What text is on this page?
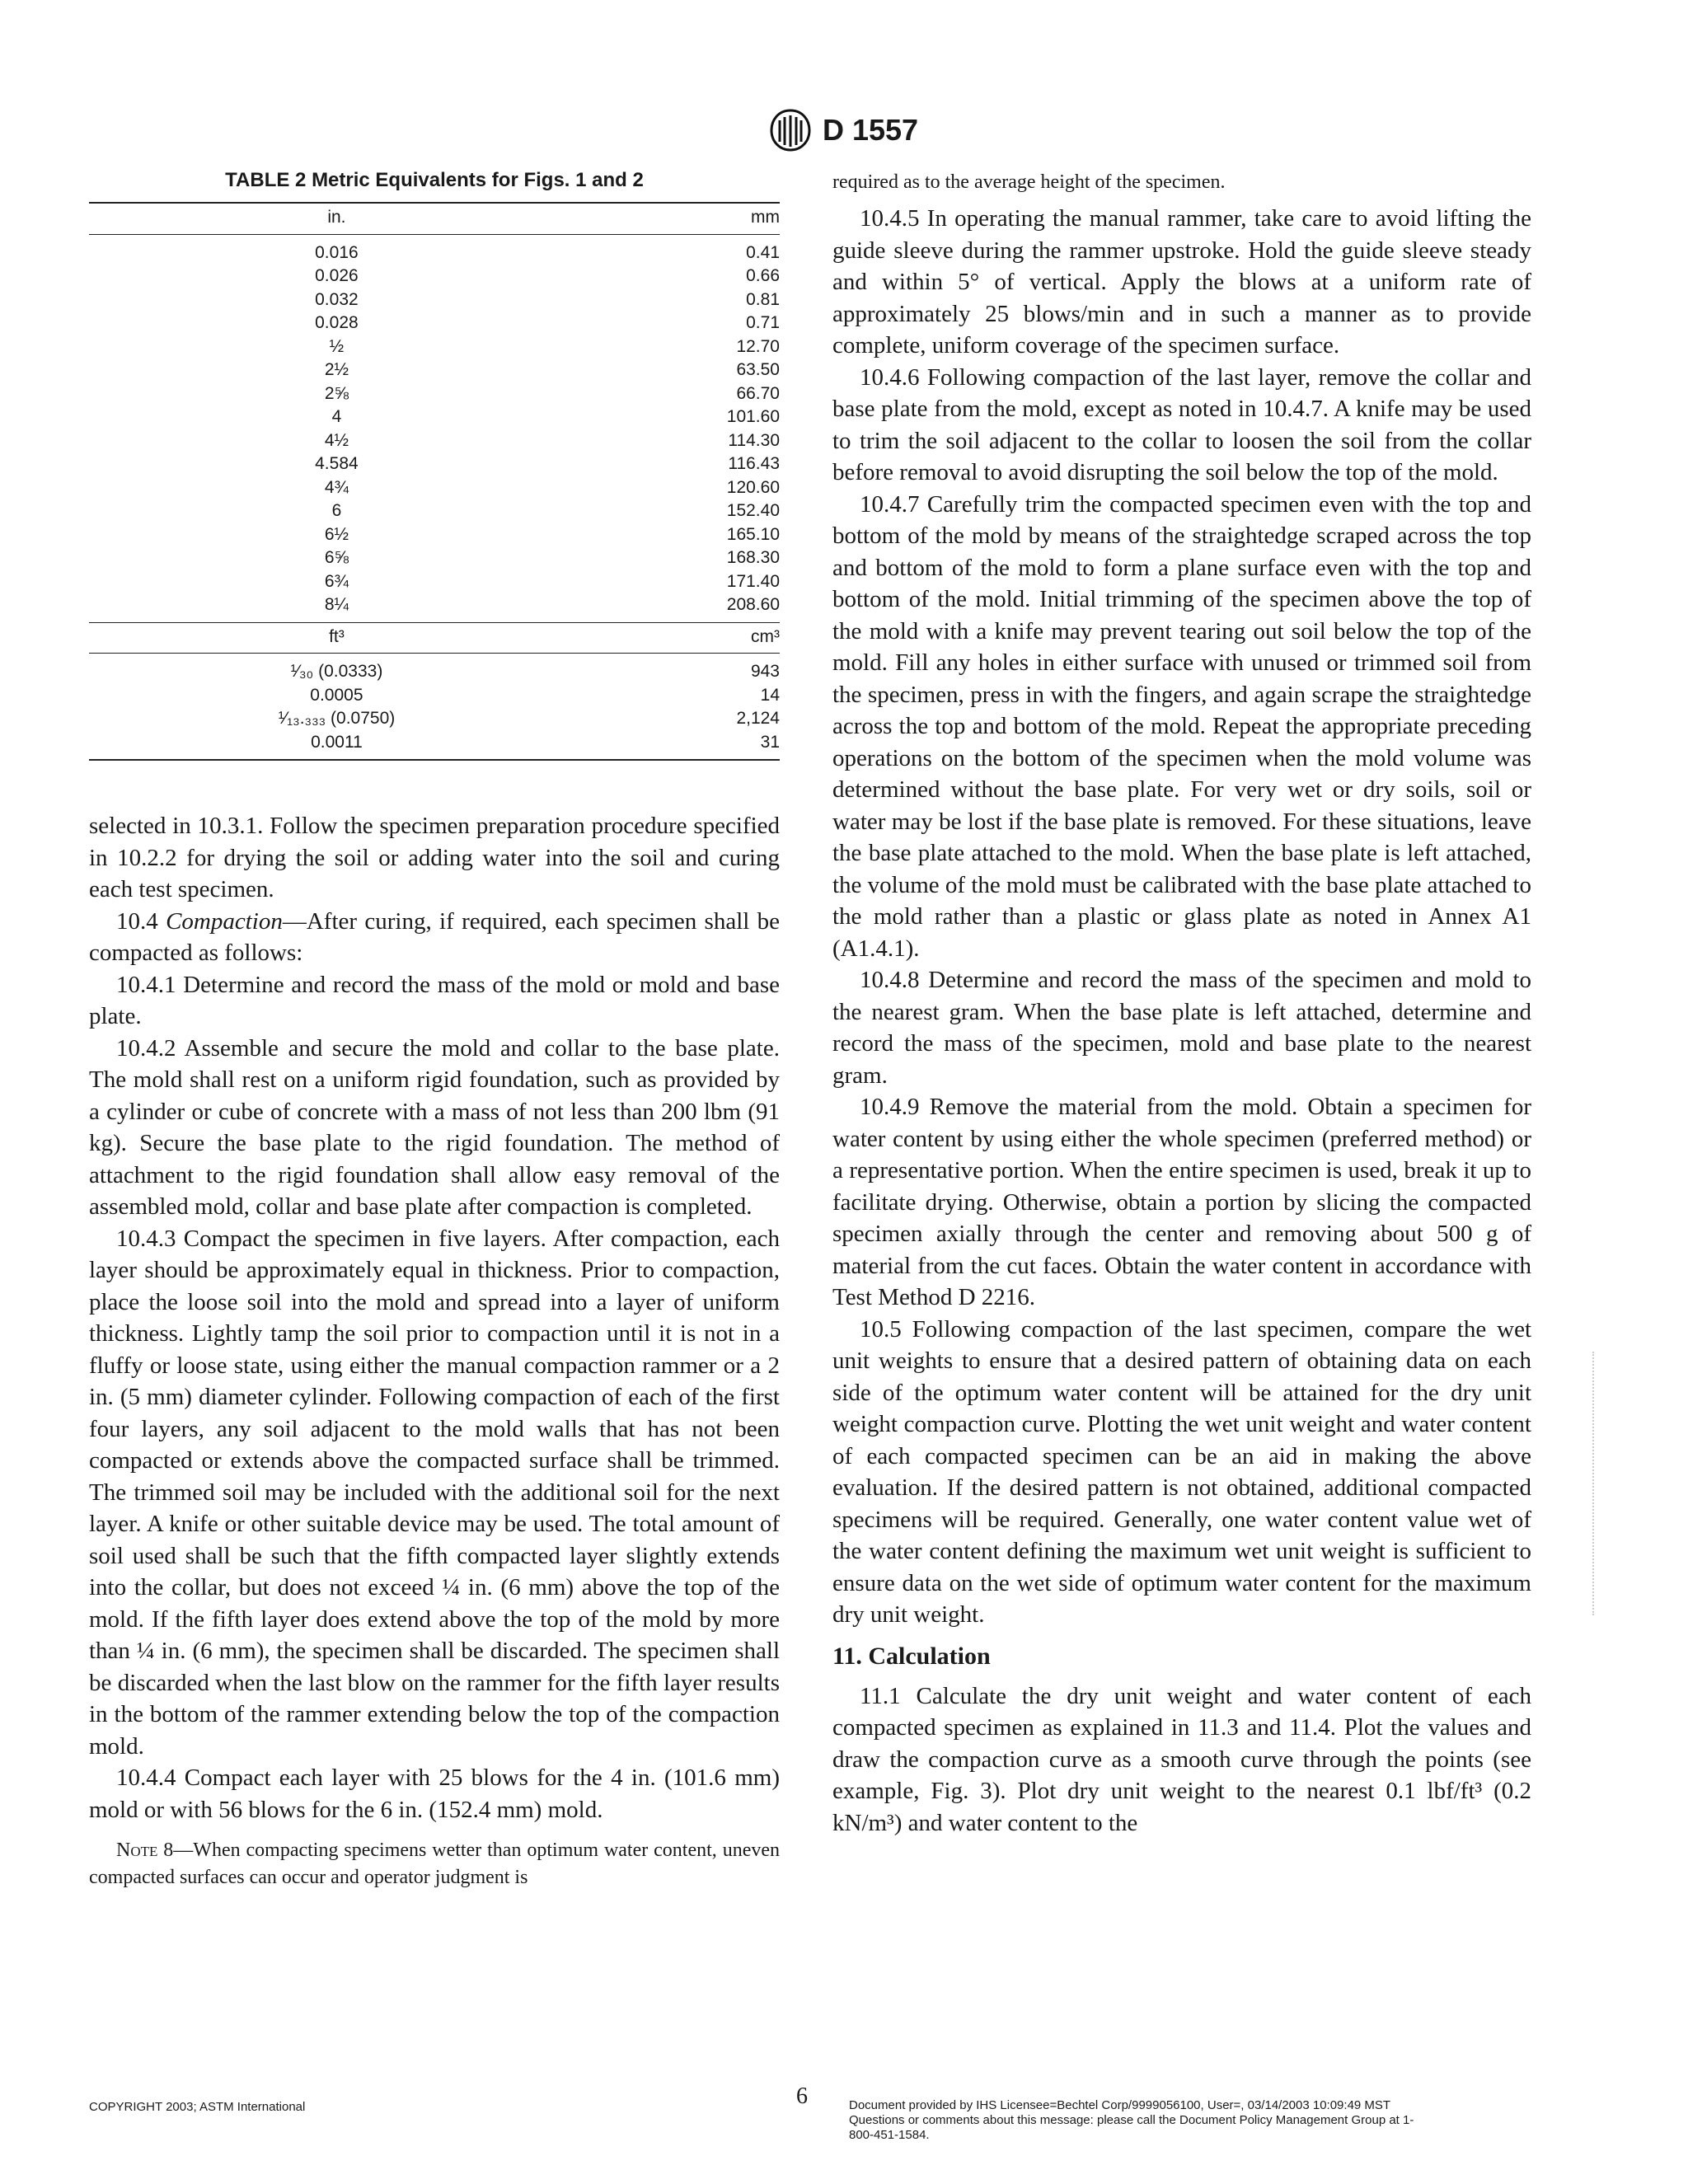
D 1557
TABLE 2 Metric Equivalents for Figs. 1 and 2
in.		mm
0.016		0.41
0.026		0.66
0.032		0.81
0.028		0.71
½		12.70
2½		63.50
2⅝		66.70
4		101.60
4½		114.30
4.584		116.43
4¾		120.60
6		152.40
6½		165.10
6⅝		168.30
6¾		171.40
8¼		208.60
ft³		cm³
¹⁄₃₀ (0.0333)		943
0.0005		14
¹⁄₁₃.₃₃₃ (0.0750)		2,124
0.0011		31

selected in 10.3.1. Follow the specimen preparation procedure specified in 10.2.2 for drying the soil or adding water into the soil and curing each test specimen.

10.4 Compaction—After curing, if required, each specimen shall be compacted as follows:

10.4.1 Determine and record the mass of the mold or mold and base plate.

10.4.2 Assemble and secure the mold and collar to the base plate. The mold shall rest on a uniform rigid foundation, such as provided by a cylinder or cube of concrete with a mass of not less than 200 lbm (91 kg). Secure the base plate to the rigid foundation. The method of attachment to the rigid foundation shall allow easy removal of the assembled mold, collar and base plate after compaction is completed.

10.4.3 Compact the specimen in five layers. After compaction, each layer should be approximately equal in thickness. Prior to compaction, place the loose soil into the mold and spread into a layer of uniform thickness. Lightly tamp the soil prior to compaction until it is not in a fluffy or loose state, using either the manual compaction rammer or a 2 in. (5 mm) diameter cylinder. Following compaction of each of the first four layers, any soil adjacent to the mold walls that has not been compacted or extends above the compacted surface shall be trimmed. The trimmed soil may be included with the additional soil for the next layer. A knife or other suitable device may be used. The total amount of soil used shall be such that the fifth compacted layer slightly extends into the collar, but does not exceed ¼ in. (6 mm) above the top of the mold. If the fifth layer does extend above the top of the mold by more than ¼ in. (6 mm), the specimen shall be discarded. The specimen shall be discarded when the last blow on the rammer for the fifth layer results in the bottom of the rammer extending below the top of the compaction mold.

10.4.4 Compact each layer with 25 blows for the 4 in. (101.6 mm) mold or with 56 blows for the 6 in. (152.4 mm) mold.

Note 8—When compacting specimens wetter than optimum water content, uneven compacted surfaces can occur and operator judgment is

required as to the average height of the specimen.

10.4.5 In operating the manual rammer, take care to avoid lifting the guide sleeve during the rammer upstroke. Hold the guide sleeve steady and within 5° of vertical. Apply the blows at a uniform rate of approximately 25 blows/min and in such a manner as to provide complete, uniform coverage of the specimen surface.

10.4.6 Following compaction of the last layer, remove the collar and base plate from the mold, except as noted in 10.4.7. A knife may be used to trim the soil adjacent to the collar to loosen the soil from the collar before removal to avoid disrupting the soil below the top of the mold.

10.4.7 Carefully trim the compacted specimen even with the top and bottom of the mold by means of the straightedge scraped across the top and bottom of the mold to form a plane surface even with the top and bottom of the mold. Initial trimming of the specimen above the top of the mold with a knife may prevent tearing out soil below the top of the mold. Fill any holes in either surface with unused or trimmed soil from the specimen, press in with the fingers, and again scrape the straightedge across the top and bottom of the mold. Repeat the appropriate preceding operations on the bottom of the specimen when the mold volume was determined without the base plate. For very wet or dry soils, soil or water may be lost if the base plate is removed. For these situations, leave the base plate attached to the mold. When the base plate is left attached, the volume of the mold must be calibrated with the base plate attached to the mold rather than a plastic or glass plate as noted in Annex A1 (A1.4.1).

10.4.8 Determine and record the mass of the specimen and mold to the nearest gram. When the base plate is left attached, determine and record the mass of the specimen, mold and base plate to the nearest gram.

10.4.9 Remove the material from the mold. Obtain a specimen for water content by using either the whole specimen (preferred method) or a representative portion. When the entire specimen is used, break it up to facilitate drying. Otherwise, obtain a portion by slicing the compacted specimen axially through the center and removing about 500 g of material from the cut faces. Obtain the water content in accordance with Test Method D 2216.

10.5 Following compaction of the last specimen, compare the wet unit weights to ensure that a desired pattern of obtaining data on each side of the optimum water content will be attained for the dry unit weight compaction curve. Plotting the wet unit weight and water content of each compacted specimen can be an aid in making the above evaluation. If the desired pattern is not obtained, additional compacted specimens will be required. Generally, one water content value wet of the water content defining the maximum wet unit weight is sufficient to ensure data on the wet side of optimum water content for the maximum dry unit weight.

11. Calculation

11.1 Calculate the dry unit weight and water content of each compacted specimen as explained in 11.3 and 11.4. Plot the values and draw the compaction curve as a smooth curve through the points (see example, Fig. 3). Plot dry unit weight to the nearest 0.1 lbf/ft³ (0.2 kN/m³) and water content to the

COPYRIGHT 2003; ASTM International	6	Document provided by IHS Licensee=Bechtel Corp/9999056100, User=, 03/14/2003 10:09:49 MST Questions or comments about this message: please call the Document Policy Management Group at 1-800-451-1584.
